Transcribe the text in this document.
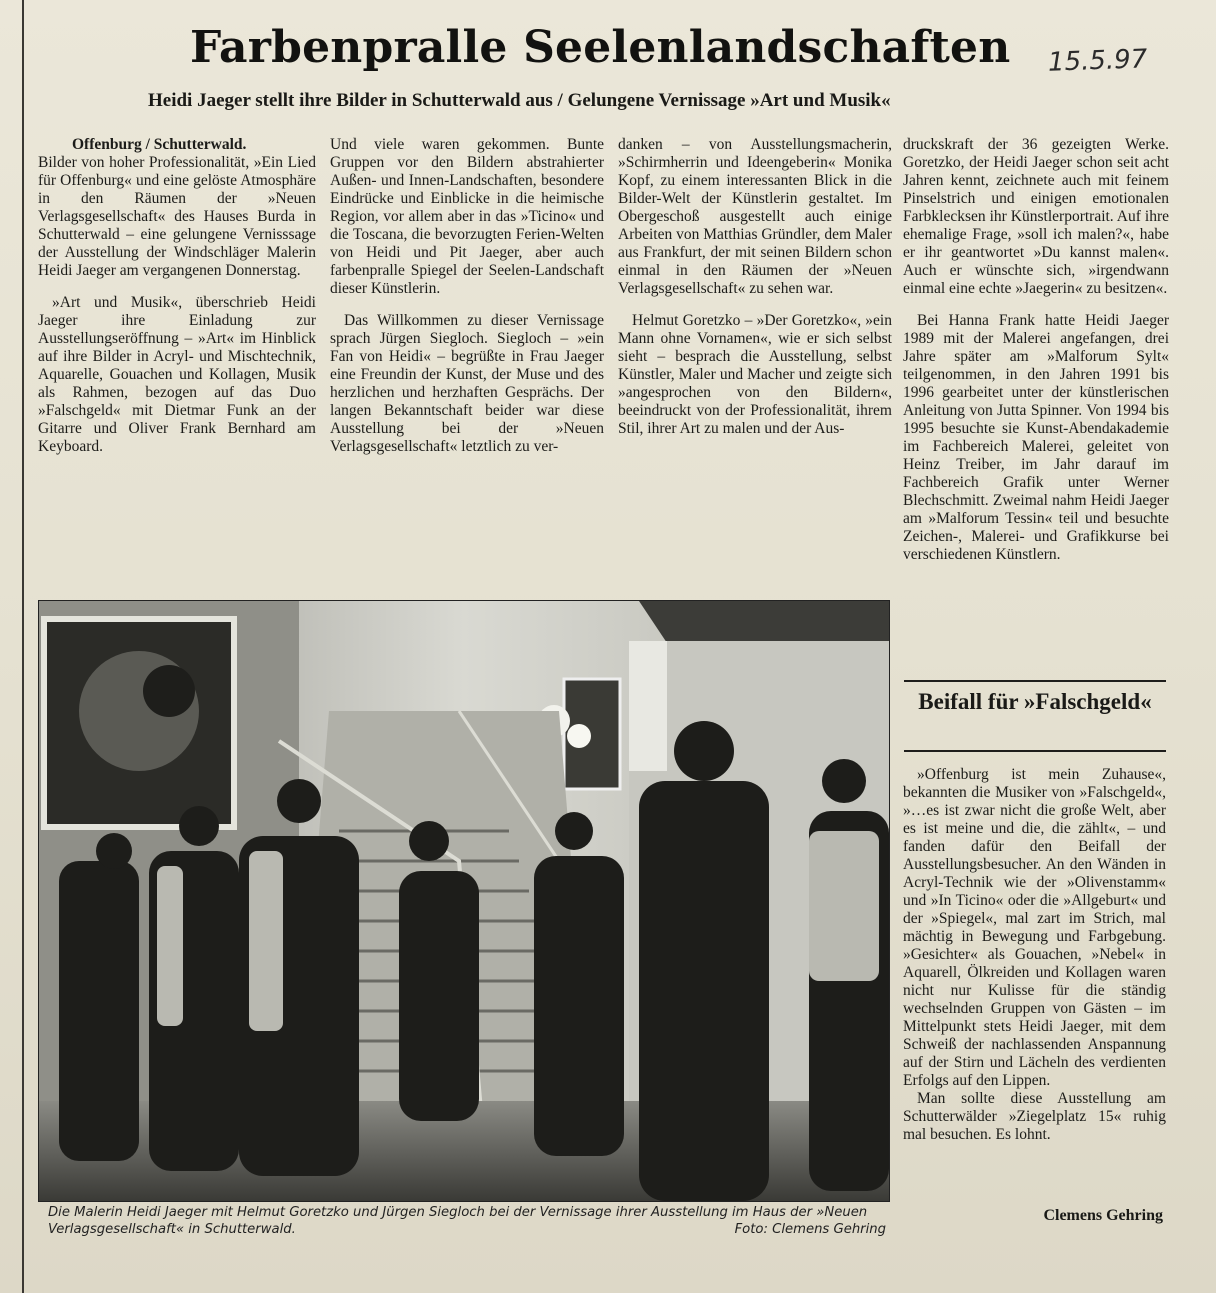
Farbenpralle Seelenlandschaften 15.5.97
Heidi Jaeger stellt ihre Bilder in Schutterwald aus / Gelungene Vernissage »Art und Musik«

Offenburg / Schutterwald.
Bilder von hoher Professionalität, »Ein Lied für Offenburg« und eine gelöste Atmosphäre in den Räumen der »Neuen Verlagsgesellschaft« des Hauses Burda in Schutterwald – eine gelungene Vernisssage der Ausstellung der Windschläger Malerin Heidi Jaeger am vergangenen Donnerstag.

»Art und Musik«, überschrieb Heidi Jaeger ihre Einladung zur Ausstellungseröffnung – »Art« im Hinblick auf ihre Bilder in Acryl- und Mischtechnik, Aquarelle, Gouachen und Kollagen, Musik als Rahmen, bezogen auf das Duo »Falschgeld« mit Dietmar Funk an der Gitarre und Oliver Frank Bernhard am Keyboard.

Und viele waren gekommen. Bunte Gruppen vor den Bildern abstrahierter Außen- und Innen-Landschaften, besondere Eindrücke und Einblicke in die heimische Region, vor allem aber in das »Ticino« und die Toscana, die bevorzugten Ferien-Welten von Heidi und Pit Jaeger, aber auch farbenpralle Spiegel der Seelen-Landschaft dieser Künstlerin.

Das Willkommen zu dieser Vernissage sprach Jürgen Siegloch. Siegloch – »ein Fan von Heidi« – begrüßte in Frau Jaeger eine Freundin der Kunst, der Muse und des herzlichen und herzhaften Gesprächs. Der langen Bekanntschaft beider war diese Ausstellung bei der »Neuen Verlagsgesellschaft« letztlich zu ver-

danken – von Ausstellungsmacherin, »Schirmherrin und Ideengeberin« Monika Kopf, zu einem interessanten Blick in die Bilder-Welt der Künstlerin gestaltet. Im Obergeschoß ausgestellt auch einige Arbeiten von Matthias Gründler, dem Maler aus Frankfurt, der mit seinen Bildern schon einmal in den Räumen der »Neuen Verlagsgesellschaft« zu sehen war.

Helmut Goretzko – »Der Goretzko«, »ein Mann ohne Vornamen«, wie er sich selbst sieht – besprach die Ausstellung, selbst Künstler, Maler und Macher und zeigte sich »angesprochen von den Bildern«, beeindruckt von der Professionalität, ihrem Stil, ihrer Art zu malen und der Aus-

druckskraft der 36 gezeigten Werke. Goretzko, der Heidi Jaeger schon seit acht Jahren kennt, zeichnete auch mit feinem Pinselstrich und einigen emotionalen Farbklecksen ihr Künstlerportrait. Auf ihre ehemalige Frage, »soll ich malen?«, habe er ihr geantwortet »Du kannst malen«. Auch er wünschte sich, »irgendwann einmal eine echte »Jaegerin« zu besitzen«.

Bei Hanna Frank hatte Heidi Jaeger 1989 mit der Malerei angefangen, drei Jahre später am »Malforum Sylt« teilgenommen, in den Jahren 1991 bis 1996 gearbeitet unter der künstlerischen Anleitung von Jutta Spinner. Von 1994 bis 1995 besuchte sie Kunst-Abendakademie im Fachbereich Malerei, geleitet von Heinz Treiber, im Jahr darauf im Fachbereich Grafik unter Werner Blechschmitt. Zweimal nahm Heidi Jaeger am »Malforum Tessin« teil und besuchte Zeichen-, Malerei- und Grafikkurse bei verschiedenen Künstlern.

Die Malerin Heidi Jaeger mit Helmut Goretzko und Jürgen Siegloch bei der Vernissage ihrer Ausstellung im Haus der »Neuen Verlagsgesellschaft« in Schutterwald.	Foto: Clemens Gehring
Beifall für »Falschgeld«

»Offenburg ist mein Zuhause«, bekannten die Musiker von »Falschgeld«, »…es ist zwar nicht die große Welt, aber es ist meine und die, die zählt«, – und fanden dafür den Beifall der Ausstellungsbesucher. An den Wänden in Acryl-Technik wie der »Olivenstamm« und »In Ticino« oder die »Allgeburt« und der »Spiegel«, mal zart im Strich, mal mächtig in Bewegung und Farbgebung. »Gesichter« als Gouachen, »Nebel« in Aquarell, Ölkreiden und Kollagen waren nicht nur Kulisse für die ständig wechselnden Gruppen von Gästen – im Mittelpunkt stets Heidi Jaeger, mit dem Schweiß der nachlassenden Anspannung auf der Stirn und Lächeln des verdienten Erfolgs auf den Lippen.

Man sollte diese Ausstellung am Schutterwälder »Ziegelplatz 15« ruhig mal besuchen. Es lohnt.

Clemens Gehring
